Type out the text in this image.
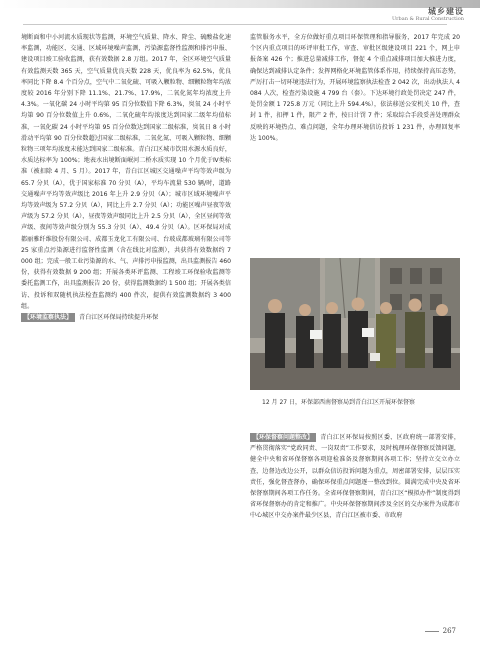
城乡建设
Urban & Rural Construction

境断面和中小河流水质现状等监测，环境空气质量、降水、降尘、硫酸盐化速率监测，功能区、交通、区域环境噪声监测，污染源监督性监测和排污申报、建设项目竣工验收监测，获有效数据 2.8 万组。2017 年，全区环境空气质量有效监测天数 365 天，空气质量优良天数 228 天，优良率为 62.5%，优良率同比下降 8.4 个百分点，空气中二氧化硫、可吸入颗粒物、细颗粒物年均浓度较 2016 年分别下降 11.1%、21.7%、17.9%，二氧化氮年均浓度上升 4.3%。一氧化碳 24 小时平均第 95 百分位数值下降 6.3%，臭氧 24 小时平均第 90 百分位数值上升 0.6%，二氧化硫年均浓度达到国家二级年均值标准，一氧化碳 24 小时平均第 95 百分位数达到国家二级标准，臭氧日 8 小时滑动平均第 90 百分位数超过国家二级标准，二氧化氮、可吸入颗粒物、细颗粒物三项年均浓度未能达到国家二级标准。青白江区城市饮用水源水质良好，水质达标率为 100%；地表水出境断面岷河二桥水质实现 10 个月优于Ⅳ类标准（被扣除 4 月、5 月）。2017 年，青白江区城区交通噪声平均等效声级为 65.7 分贝（A），优于国家标准 70 分贝（A），平均车流量 530 辆/时，道路交通噪声平均等效声级比 2016 年上升 2.9 分贝（A）；城市区域环境噪声平均等效声级为 57.2 分贝（A），同比上升 2.7 分贝（A）；功能区噪声昼夜等效声级为 57.2 分贝（A），昼夜等效声级同比上升 2.5 分贝（A），全区昼间等效声级、夜间等效声级分别为 55.3 分贝（A）、49.4 分贝（A）。区环保局对成都丽雅纤维股份有限公司、成都玉龙化工有限公司、台玻成都玻璃有限公司等 25 家重点污染源进行监督性监测（含在线比对监测），共获得有效数据约 7 000 组；完成一般工业污染源的水、气、声排污申报监测，出具监测报告 460 份，获得有效数据 9 200 组；开展各类环评监测、工程竣工环保验收监测等委托监测工作，出具监测报告 20 份，获得监测数据约 1 500 组；开展各类信访、投诉和双随机执法检查监测约 400 件次，提供有效监测数据约 3 400 组。

【环境监察执法】 青白江区环保局持续提升环保

监管服务水平，全方位做好重点项目环保管理和指导服务，2017 年完成 20 个区内重点项目的环评审批工作，审查、审批区级建设项目 221 个，网上申报备案 426 个；推进总量减排工作，督促 4 个重点减排项目加大推进力度，确保达到减排认定条件；发挥网格化环境监管体系作用，持续保持高压态势，严厉打击一切环境违法行为，开展环境监察执法检查 2 042 次，出动执法人 4 084 人次，检查污染设施 4 799 台（套）。下达环境行政处罚决定 247 件，处罚金额 1 725.8 万元（同比上升 594.4%），依法移送公安机关 10 件，查封 1 件，扣押 1 件，限产 2 件，按日计罚 7 件；采取综合手段妥善处理群众反映的环境热点、难点问题，全年办理环境信访投诉 1 231 件，办理回复率达 100%。

12 月 27 日，环保部西南督察局到青白江区开展环保督察

【环保督察问题整改】 青白江区环保局按照区委、区政府统一部署安排，严格贯彻落实“党政同责、一岗双责”工作要求，及时梳理环保督察反馈问题，健全中央和省环保督察各项迎检准备及督察期间各项工作；坚持立交立办立查，边督边改边公开，以群众信访投诉问题为重点，周密部署安排，层层压实责任，强化督查督办，确保环保重点问题逐一整改到位。圆满完成中央及省环保督察期间各项工作任务。全省环保督察期间，青白江区“模拟办件”制度得到省环保督察办的肯定和推广。中央环保督察期间涉及全区的交办案件为成都市中心城区中交办案件最少区县，青白江区被市委、市政府

267
